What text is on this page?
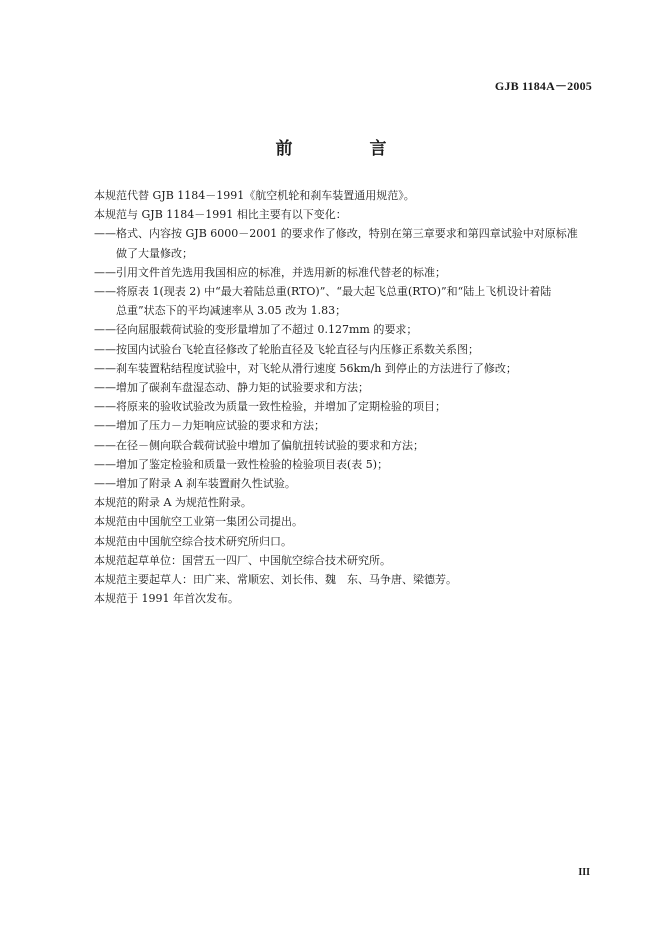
GJB 1184A－2005
前　言
本规范代替 GJB 1184－1991《航空机轮和刹车装置通用规范》。
本规范与 GJB 1184－1991 相比主要有以下变化：
—— 格式、内容按 GJB 6000－2001 的要求作了修改，特别在第三章要求和第四章试验中对原标准
做了大量修改；
—— 引用文件首先选用我国相应的标准，并选用新的标准代替老的标准；
—— 将原表 1(现表 2) 中“最大着陆总重(RTO)”、“最大起飞总重(RTO)”和“陆上飞机设计着陆
总重”状态下的平均减速率从 3.05 改为 1.83；
—— 径向屈服载荷试验的变形量增加了不超过 0.127mm 的要求；
—— 按国内试验台飞轮直径修改了轮胎直径及飞轮直径与内压修正系数关系图；
—— 刹车装置粘结程度试验中，对飞轮从滑行速度 56km/h 到停止的方法进行了修改；
—— 增加了碳刹车盘湿态动、静力矩的试验要求和方法；
—— 将原来的验收试验改为质量一致性检验，并增加了定期检验的项目；
—— 增加了压力－力矩响应试验的要求和方法；
—— 在径－侧向联合载荷试验中增加了偏航扭转试验的要求和方法；
—— 增加了鉴定检验和质量一致性检验的检验项目表(表 5)；
—— 增加了附录 A 刹车装置耐久性试验。
本规范的附录 A 为规范性附录。
本规范由中国航空工业第一集团公司提出。
本规范由中国航空综合技术研究所归口。
本规范起草单位：国营五一四厂、中国航空综合技术研究所。
本规范主要起草人：田广来、常顺宏、刘长伟、魏　东、马争唐、梁德芳。
本规范于 1991 年首次发布。
III
